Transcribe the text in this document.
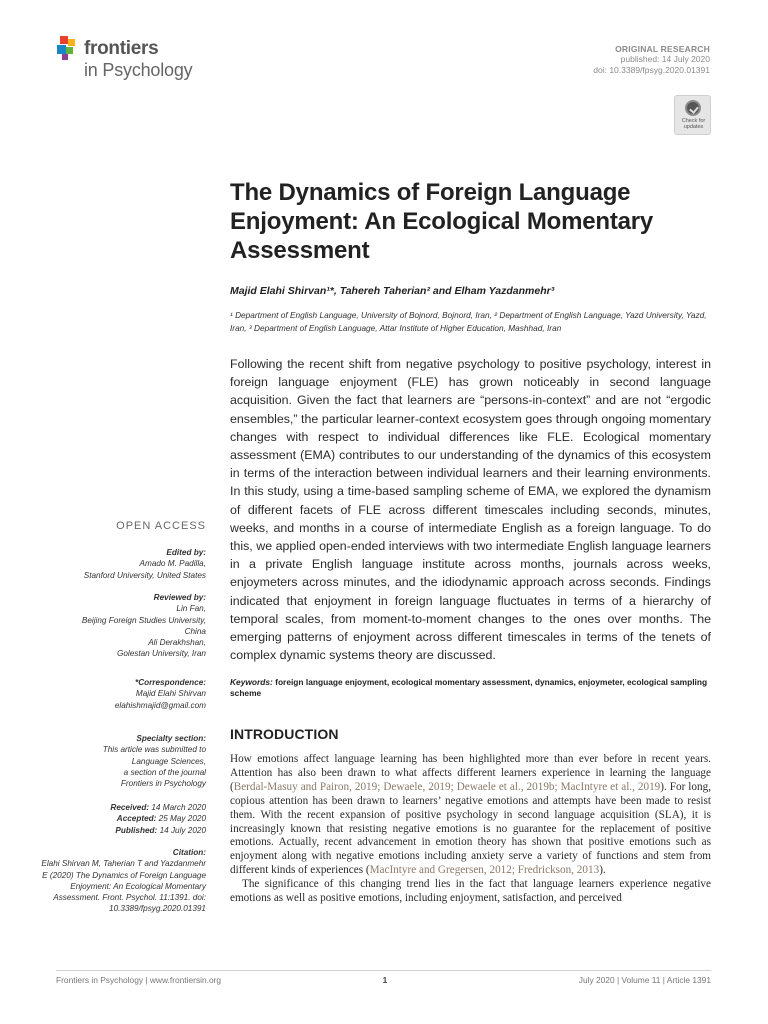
frontiers
in Psychology
ORIGINAL RESEARCH
published: 14 July 2020
doi: 10.3389/fpsyg.2020.01391
Check for updates
The Dynamics of Foreign Language Enjoyment: An Ecological Momentary Assessment
Majid Elahi Shirvan¹*, Tahereh Taherian² and Elham Yazdanmehr³
¹ Department of English Language, University of Bojnord, Bojnord, Iran, ² Department of English Language, Yazd University, Yazd, Iran, ³ Department of English Language, Attar Institute of Higher Education, Mashhad, Iran

Following the recent shift from negative psychology to positive psychology, interest in foreign language enjoyment (FLE) has grown noticeably in second language acquisition. Given the fact that learners are “persons-in-context” and are not “ergodic ensembles,” the particular learner-context ecosystem goes through ongoing momentary changes with respect to individual differences like FLE. Ecological momentary assessment (EMA) contributes to our understanding of the dynamics of this ecosystem in terms of the interaction between individual learners and their learning environments. In this study, using a time-based sampling scheme of EMA, we explored the dynamism of different facets of FLE across different timescales including seconds, minutes, weeks, and months in a course of intermediate English as a foreign language. To do this, we applied open-ended interviews with two intermediate English language learners in a private English language institute across months, journals across weeks, enjoymeters across minutes, and the idiodynamic approach across seconds. Findings indicated that enjoyment in foreign language fluctuates in terms of a hierarchy of temporal scales, from moment-to-moment changes to the ones over months. The emerging patterns of enjoyment across different timescales in terms of the tenets of complex dynamic systems theory are discussed.

Keywords: foreign language enjoyment, ecological momentary assessment, dynamics, enjoymeter, ecological sampling scheme
INTRODUCTION

How emotions affect language learning has been highlighted more than ever before in recent years. Attention has also been drawn to what affects different learners experience in learning the language (Berdal-Masuy and Pairon, 2019; Dewaele, 2019; Dewaele et al., 2019b; MacIntyre et al., 2019). For long, copious attention has been drawn to learners’ negative emotions and attempts have been made to resist them. With the recent expansion of positive psychology in second language acquisition (SLA), it is increasingly known that resisting negative emotions is no guarantee for the replacement of positive emotions. Actually, recent advancement in emotion theory has shown that positive emotions such as enjoyment along with negative emotions including anxiety serve a variety of functions and stem from different kinds of experiences (MacIntyre and Gregersen, 2012; Fredrickson, 2013).

The significance of this changing trend lies in the fact that language learners experience negative emotions as well as positive emotions, including enjoyment, satisfaction, and perceived

OPEN ACCESS
Edited by:
Amado M. Padilla,
Stanford University, United States
Reviewed by:
Lin Fan,
Beijing Foreign Studies University,
China
Ali Derakhshan,
Golestan University, Iran
*Correspondence:
Majid Elahi Shirvan
elahishmajid@gmail.com
Specialty section:
This article was submitted to
Language Sciences,
a section of the journal
Frontiers in Psychology
Received: 14 March 2020
Accepted: 25 May 2020
Published: 14 July 2020
Citation:
Elahi Shirvan M, Taherian T and Yazdanmehr E (2020) The Dynamics of Foreign Language Enjoyment: An Ecological Momentary Assessment. Front. Psychol. 11:1391. doi: 10.3389/fpsyg.2020.01391
Frontiers in Psychology | www.frontiersin.org	1	July 2020 | Volume 11 | Article 1391
